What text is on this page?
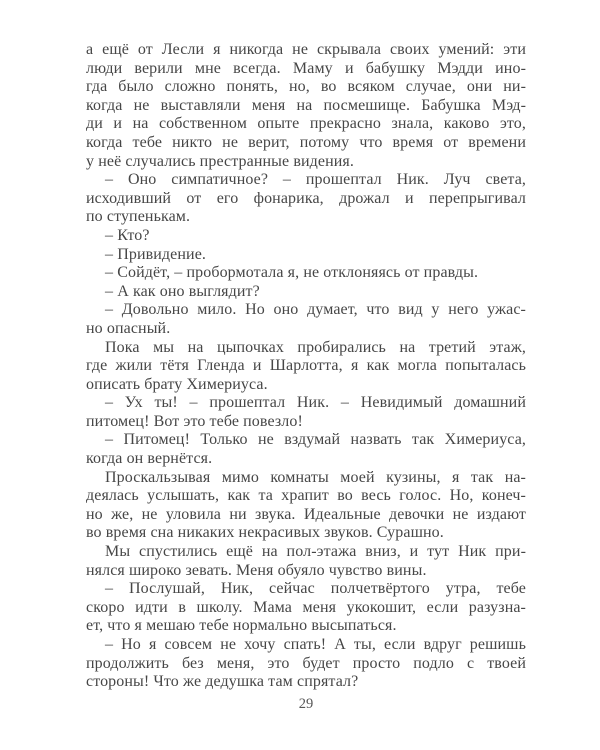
а ещё от Лесли я никогда не скрывала своих умений: эти
люди верили мне всегда. Маму и бабушку Мэдди ино-
гда было сложно понять, но, во всяком случае, они ни-
когда не выставляли меня на посмешище. Бабушка Мэд-
ди и на собственном опыте прекрасно знала, каково это,
когда тебе никто не верит, потому что время от времени
у неё случались престранные видения.
– Оно симпатичное? – прошептал Ник. Луч света,
исходивший от его фонарика, дрожал и перепрыгивал
по ступенькам.
– Кто?
– Привидение.
– Сойдёт, – пробормотала я, не отклоняясь от правды.
– А как оно выглядит?
– Довольно мило. Но оно думает, что вид у него ужас-
но опасный.
Пока мы на цыпочках пробирались на третий этаж,
где жили тётя Гленда и Шарлотта, я как могла попыталась
описать брату Химериуса.
– Ух ты! – прошептал Ник. – Невидимый домашний
питомец! Вот это тебе повезло!
– Питомец! Только не вздумай назвать так Химериуса,
когда он вернётся.
Проскальзывая мимо комнаты моей кузины, я так на-
деялась услышать, как та храпит во весь голос. Но, конеч-
но же, не уловила ни звука. Идеальные девочки не издают
во время сна никаких некрасивых звуков. Сурашно.
Мы спустились ещё на пол-этажа вниз, и тут Ник при-
нялся широко зевать. Меня обуяло чувство вины.
– Послушай, Ник, сейчас полчетвёртого утра, тебе
скоро идти в школу. Мама меня укокошит, если разузна-
ет, что я мешаю тебе нормально высыпаться.
– Но я совсем не хочу спать! А ты, если вдруг решишь
продолжить без меня, это будет просто подло с твоей
стороны! Что же дедушка там спрятал?
29
